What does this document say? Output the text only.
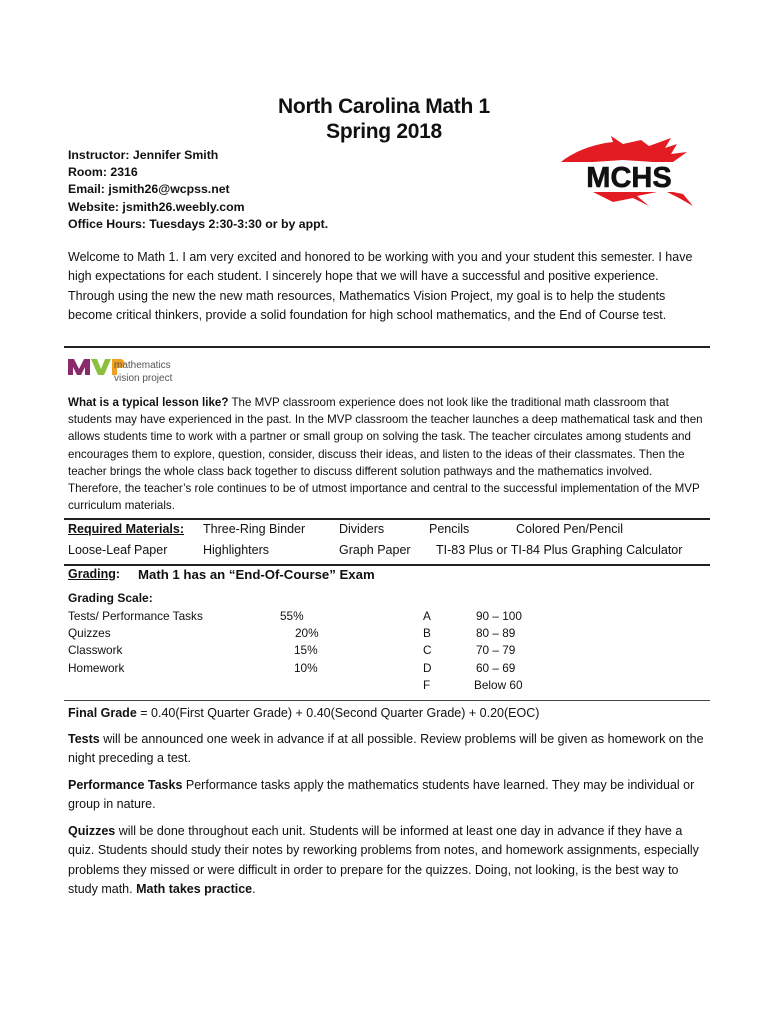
North Carolina Math 1
Spring 2018
Instructor: Jennifer Smith
Room: 2316
Email: jsmith26@wcpss.net
Website: jsmith26.weebly.com
Office Hours: Tuesdays 2:30-3:30 or by appt.
MCHS
Welcome to Math 1. I am very excited and honored to be working with you and your student this semester. I have high expectations for each student. I sincerely hope that we will have a successful and positive experience. Through using the new the new math resources, Mathematics Vision Project, my goal is to help the students become critical thinkers, provide a solid foundation for high school mathematics, and the End of Course test.
mathematics
vision project
What is a typical lesson like? The MVP classroom experience does not look like the traditional math classroom that students may have experienced in the past. In the MVP classroom the teacher launches a deep mathematical task and then allows students time to work with a partner or small group on solving the task. The teacher circulates among students and encourages them to explore, question, consider, discuss their ideas, and listen to the ideas of their classmates. Then the teacher brings the whole class back together to discuss different solution pathways and the mathematics involved. Therefore, the teacher’s role continues to be of utmost importance and central to the successful implementation of the MVP curriculum materials.
Required Materials: Three-Ring Binder	Dividers	Pencils	Colored Pen/Pencil
Loose-Leaf Paper	Highlighters	Graph Paper TI-83 Plus or TI-84 Plus Graphing Calculator
Grading: Math 1 has an “End-Of-Course” Exam
Grading Scale:
Tests/ Performance Tasks	55%	A	90 – 100
Quizzes	20%	B	80 – 89
Classwork	15%	C	70 – 79
Homework	10%	D	60 – 69
F	Below 60
Final Grade = 0.40(First Quarter Grade) + 0.40(Second Quarter Grade) + 0.20(EOC)
Tests will be announced one week in advance if at all possible. Review problems will be given as homework on the night preceding a test.
Performance Tasks Performance tasks apply the mathematics students have learned. They may be individual or group in nature.
Quizzes will be done throughout each unit. Students will be informed at least one day in advance if they have a quiz. Students should study their notes by reworking problems from notes, and homework assignments, especially problems they missed or were difficult in order to prepare for the quizzes. Doing, not looking, is the best way to study math. Math takes practice.
